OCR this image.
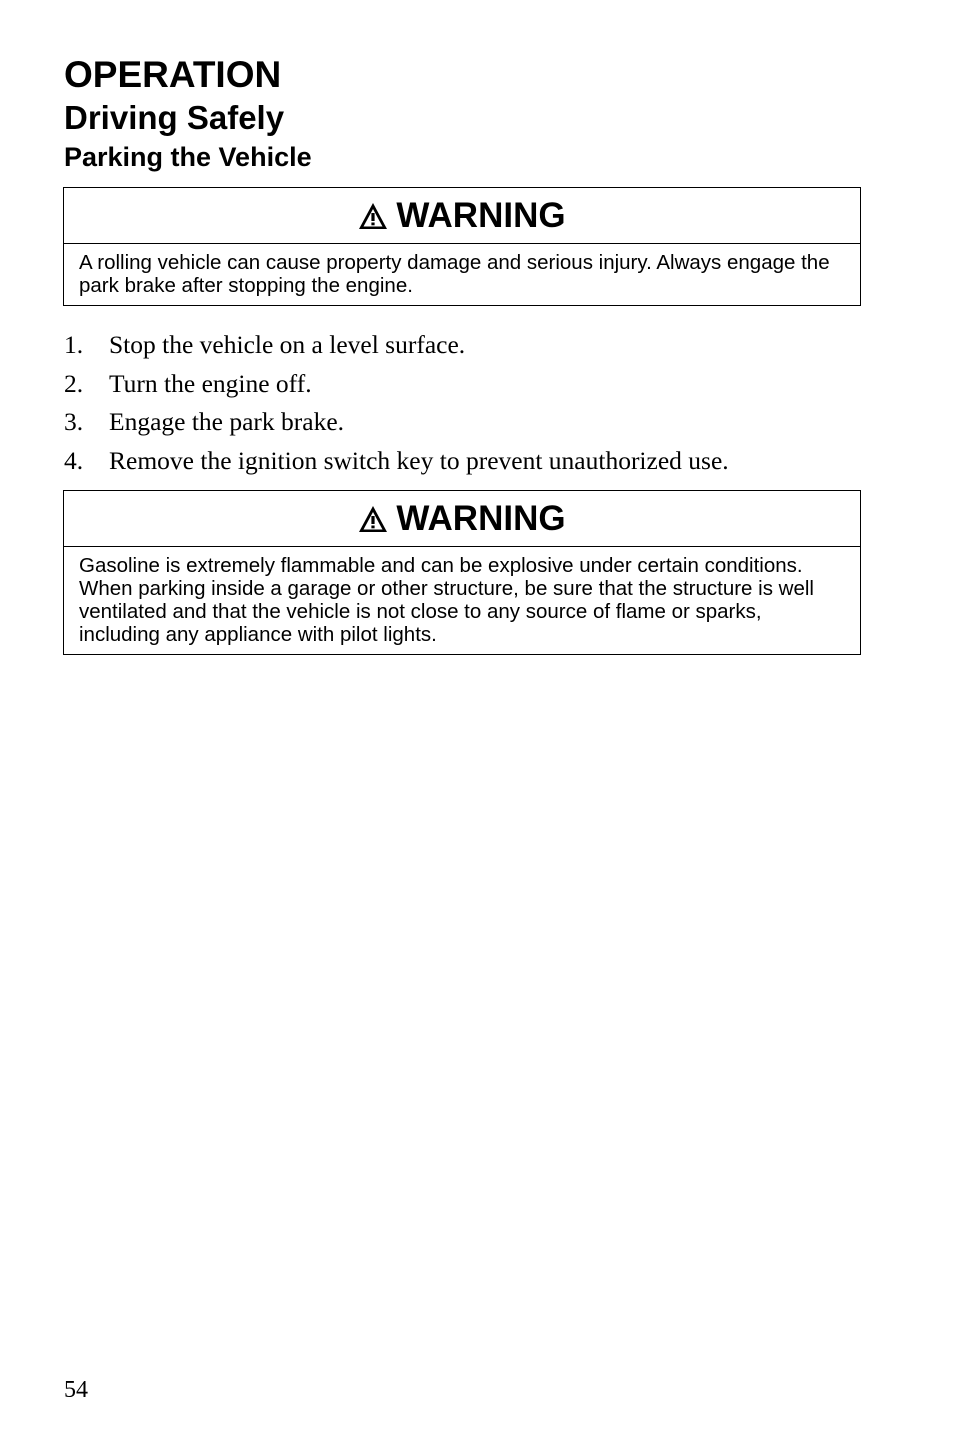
OPERATION
Driving Safely
Parking the Vehicle
WARNING
A rolling vehicle can cause property damage and serious injury. Always engage the park brake after stopping the engine.
1.	Stop the vehicle on a level surface.
2.	Turn the engine off.
3.	Engage the park brake.
4.	Remove the ignition switch key to prevent unauthorized use.
WARNING
Gasoline is extremely flammable and can be explosive under certain conditions. When parking inside a garage or other structure, be sure that the structure is well ventilated and that the vehicle is not close to any source of flame or sparks, including any appliance with pilot lights.
54
